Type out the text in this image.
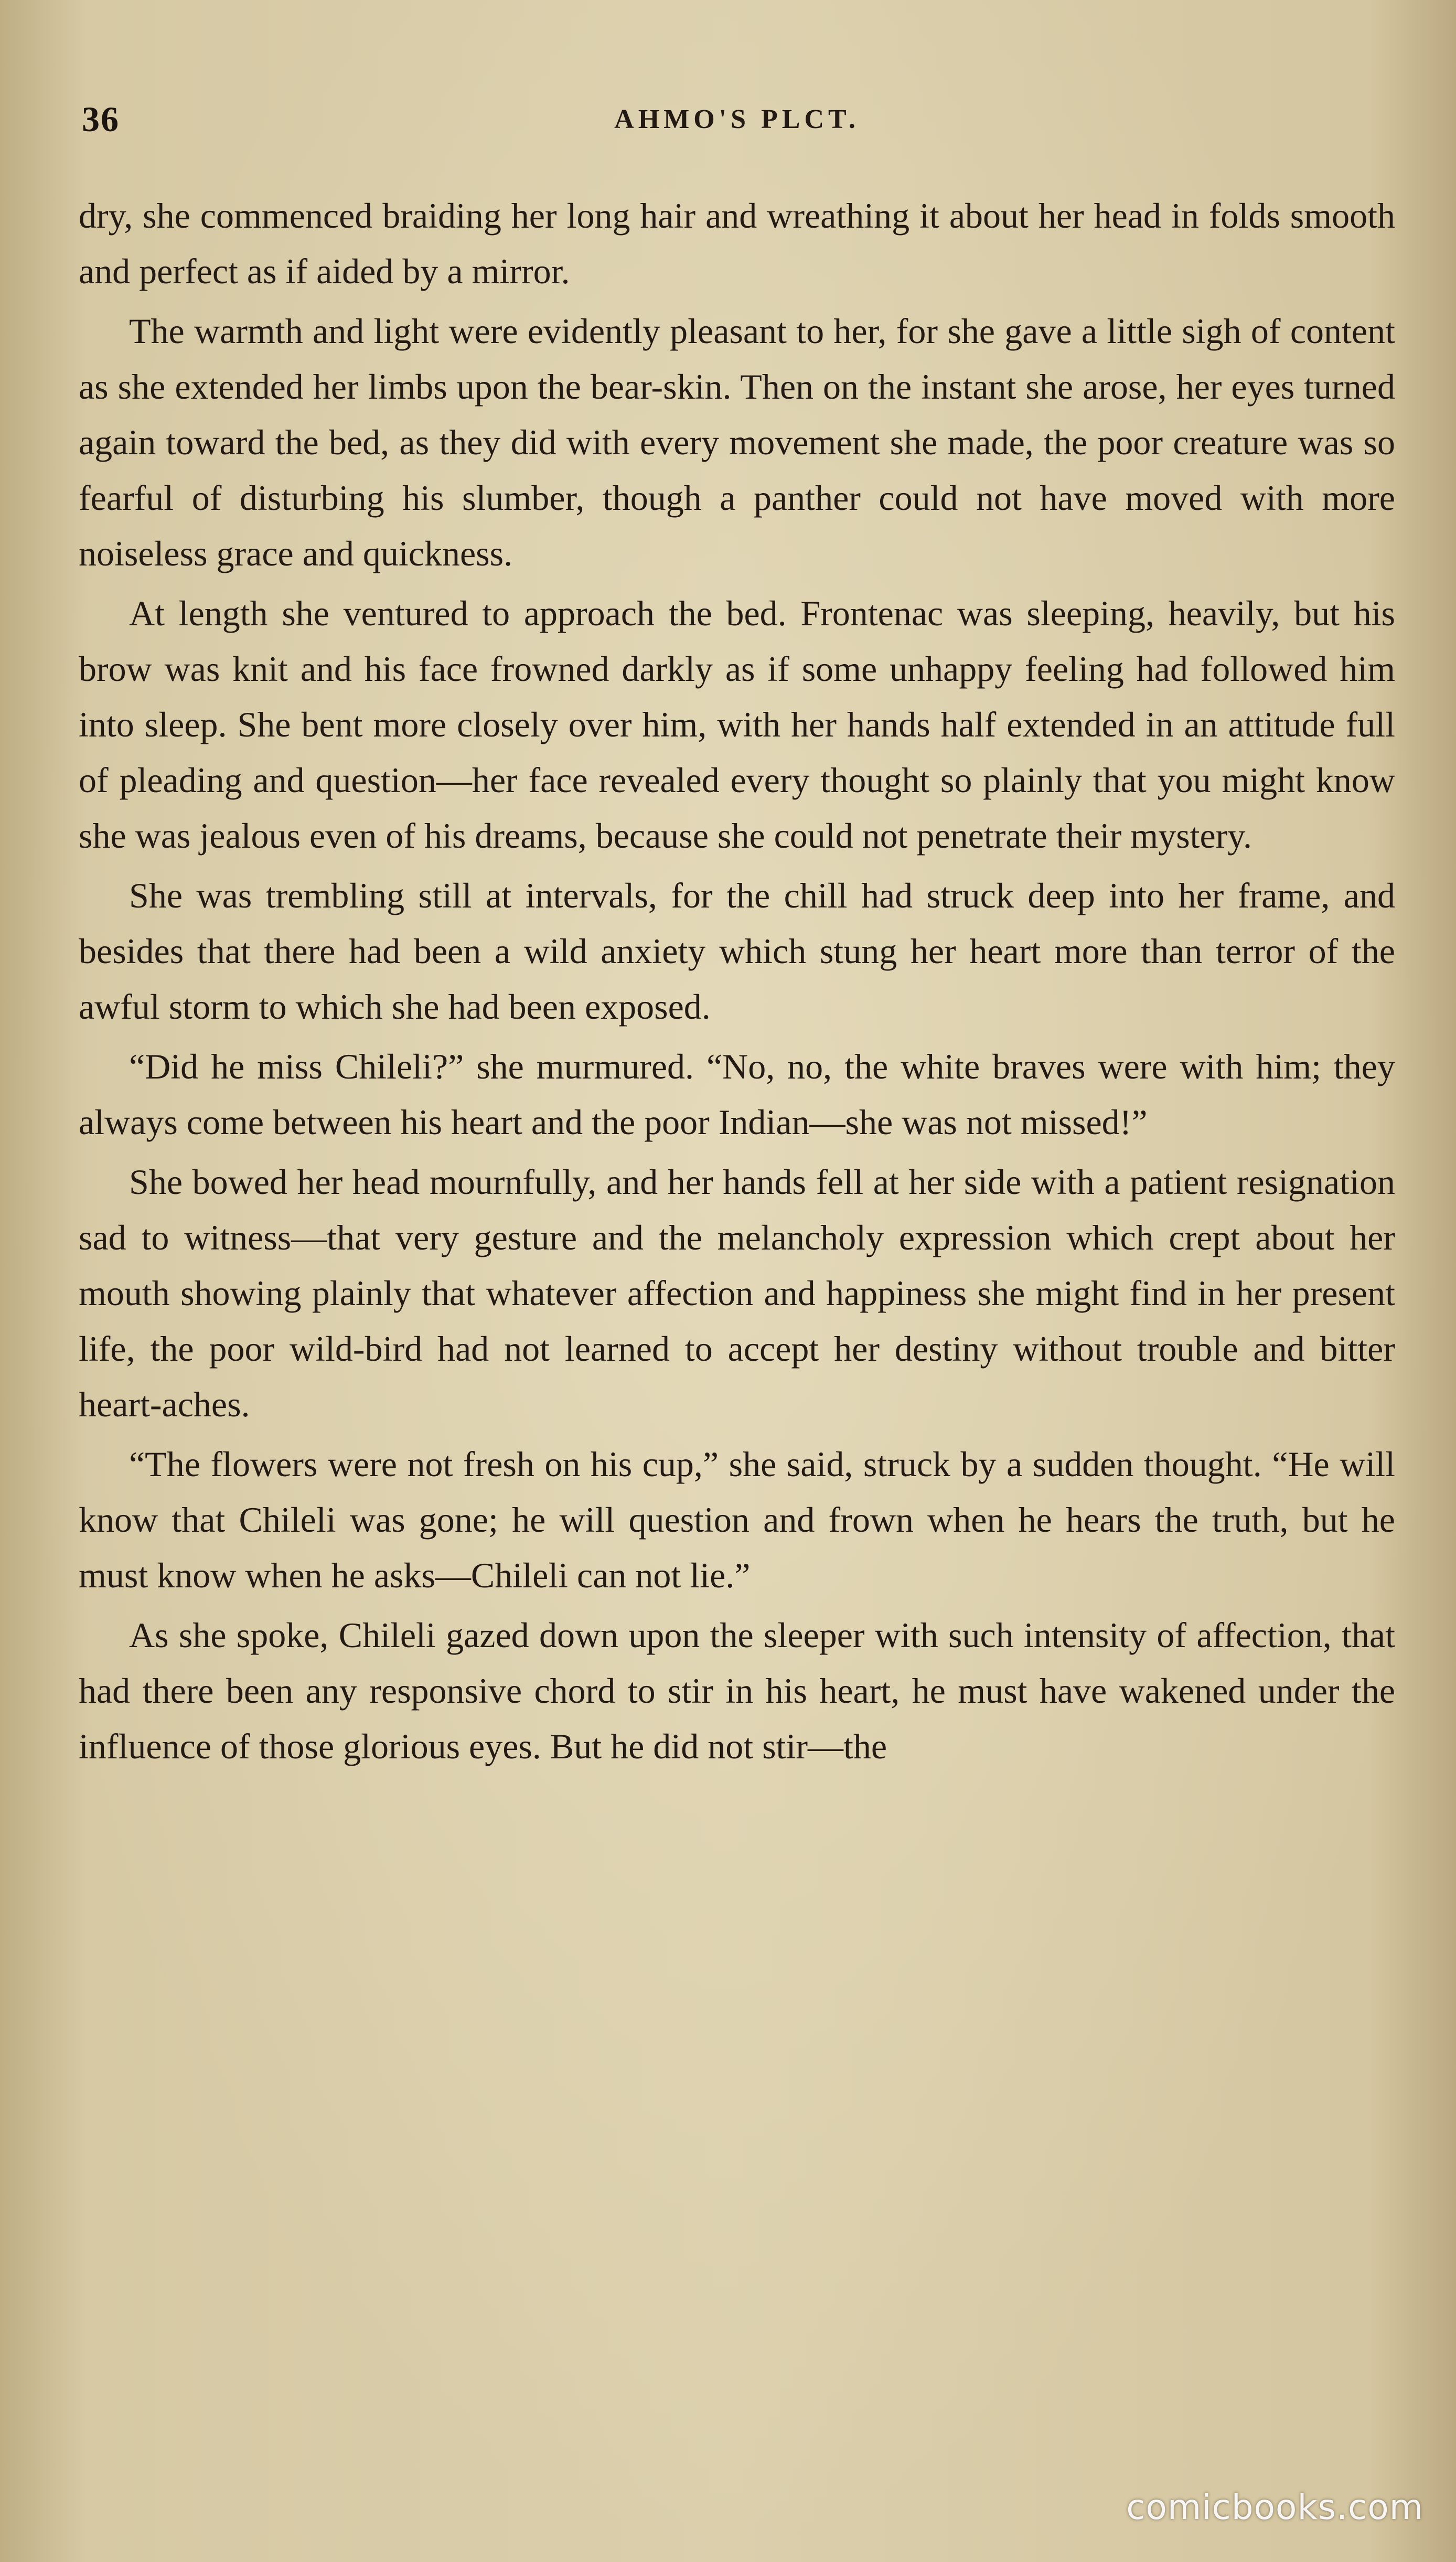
36	AHMO'S PLCT.

dry, she commenced braiding her long hair and wreathing it about her head in folds smooth and perfect as if aided by a mirror.

The warmth and light were evidently pleasant to her, for she gave a little sigh of content as she extended her limbs upon the bear-skin. Then on the instant she arose, her eyes turned again toward the bed, as they did with every movement she made, the poor creature was so fearful of disturbing his slumber, though a panther could not have moved with more noiseless grace and quickness.

At length she ventured to approach the bed. Frontenac was sleeping, heavily, but his brow was knit and his face frowned darkly as if some unhappy feeling had followed him into sleep. She bent more closely over him, with her hands half extended in an attitude full of pleading and question—her face revealed every thought so plainly that you might know she was jealous even of his dreams, because she could not penetrate their mystery.

She was trembling still at intervals, for the chill had struck deep into her frame, and besides that there had been a wild anxiety which stung her heart more than terror of the awful storm to which she had been exposed.

“Did he miss Chileli?” she murmured. “No, no, the white braves were with him; they always come between his heart and the poor Indian—she was not missed!”

She bowed her head mournfully, and her hands fell at her side with a patient resignation sad to witness—that very gesture and the melancholy expression which crept about her mouth showing plainly that whatever affection and happiness she might find in her present life, the poor wild-bird had not learned to accept her destiny without trouble and bitter heart-aches.

“The flowers were not fresh on his cup,” she said, struck by a sudden thought. “He will know that Chileli was gone; he will question and frown when he hears the truth, but he must know when he asks—Chileli can not lie.”

As she spoke, Chileli gazed down upon the sleeper with such intensity of affection, that had there been any responsive chord to stir in his heart, he must have wakened under the influence of those glorious eyes. But he did not stir—the

comicbooks.com
